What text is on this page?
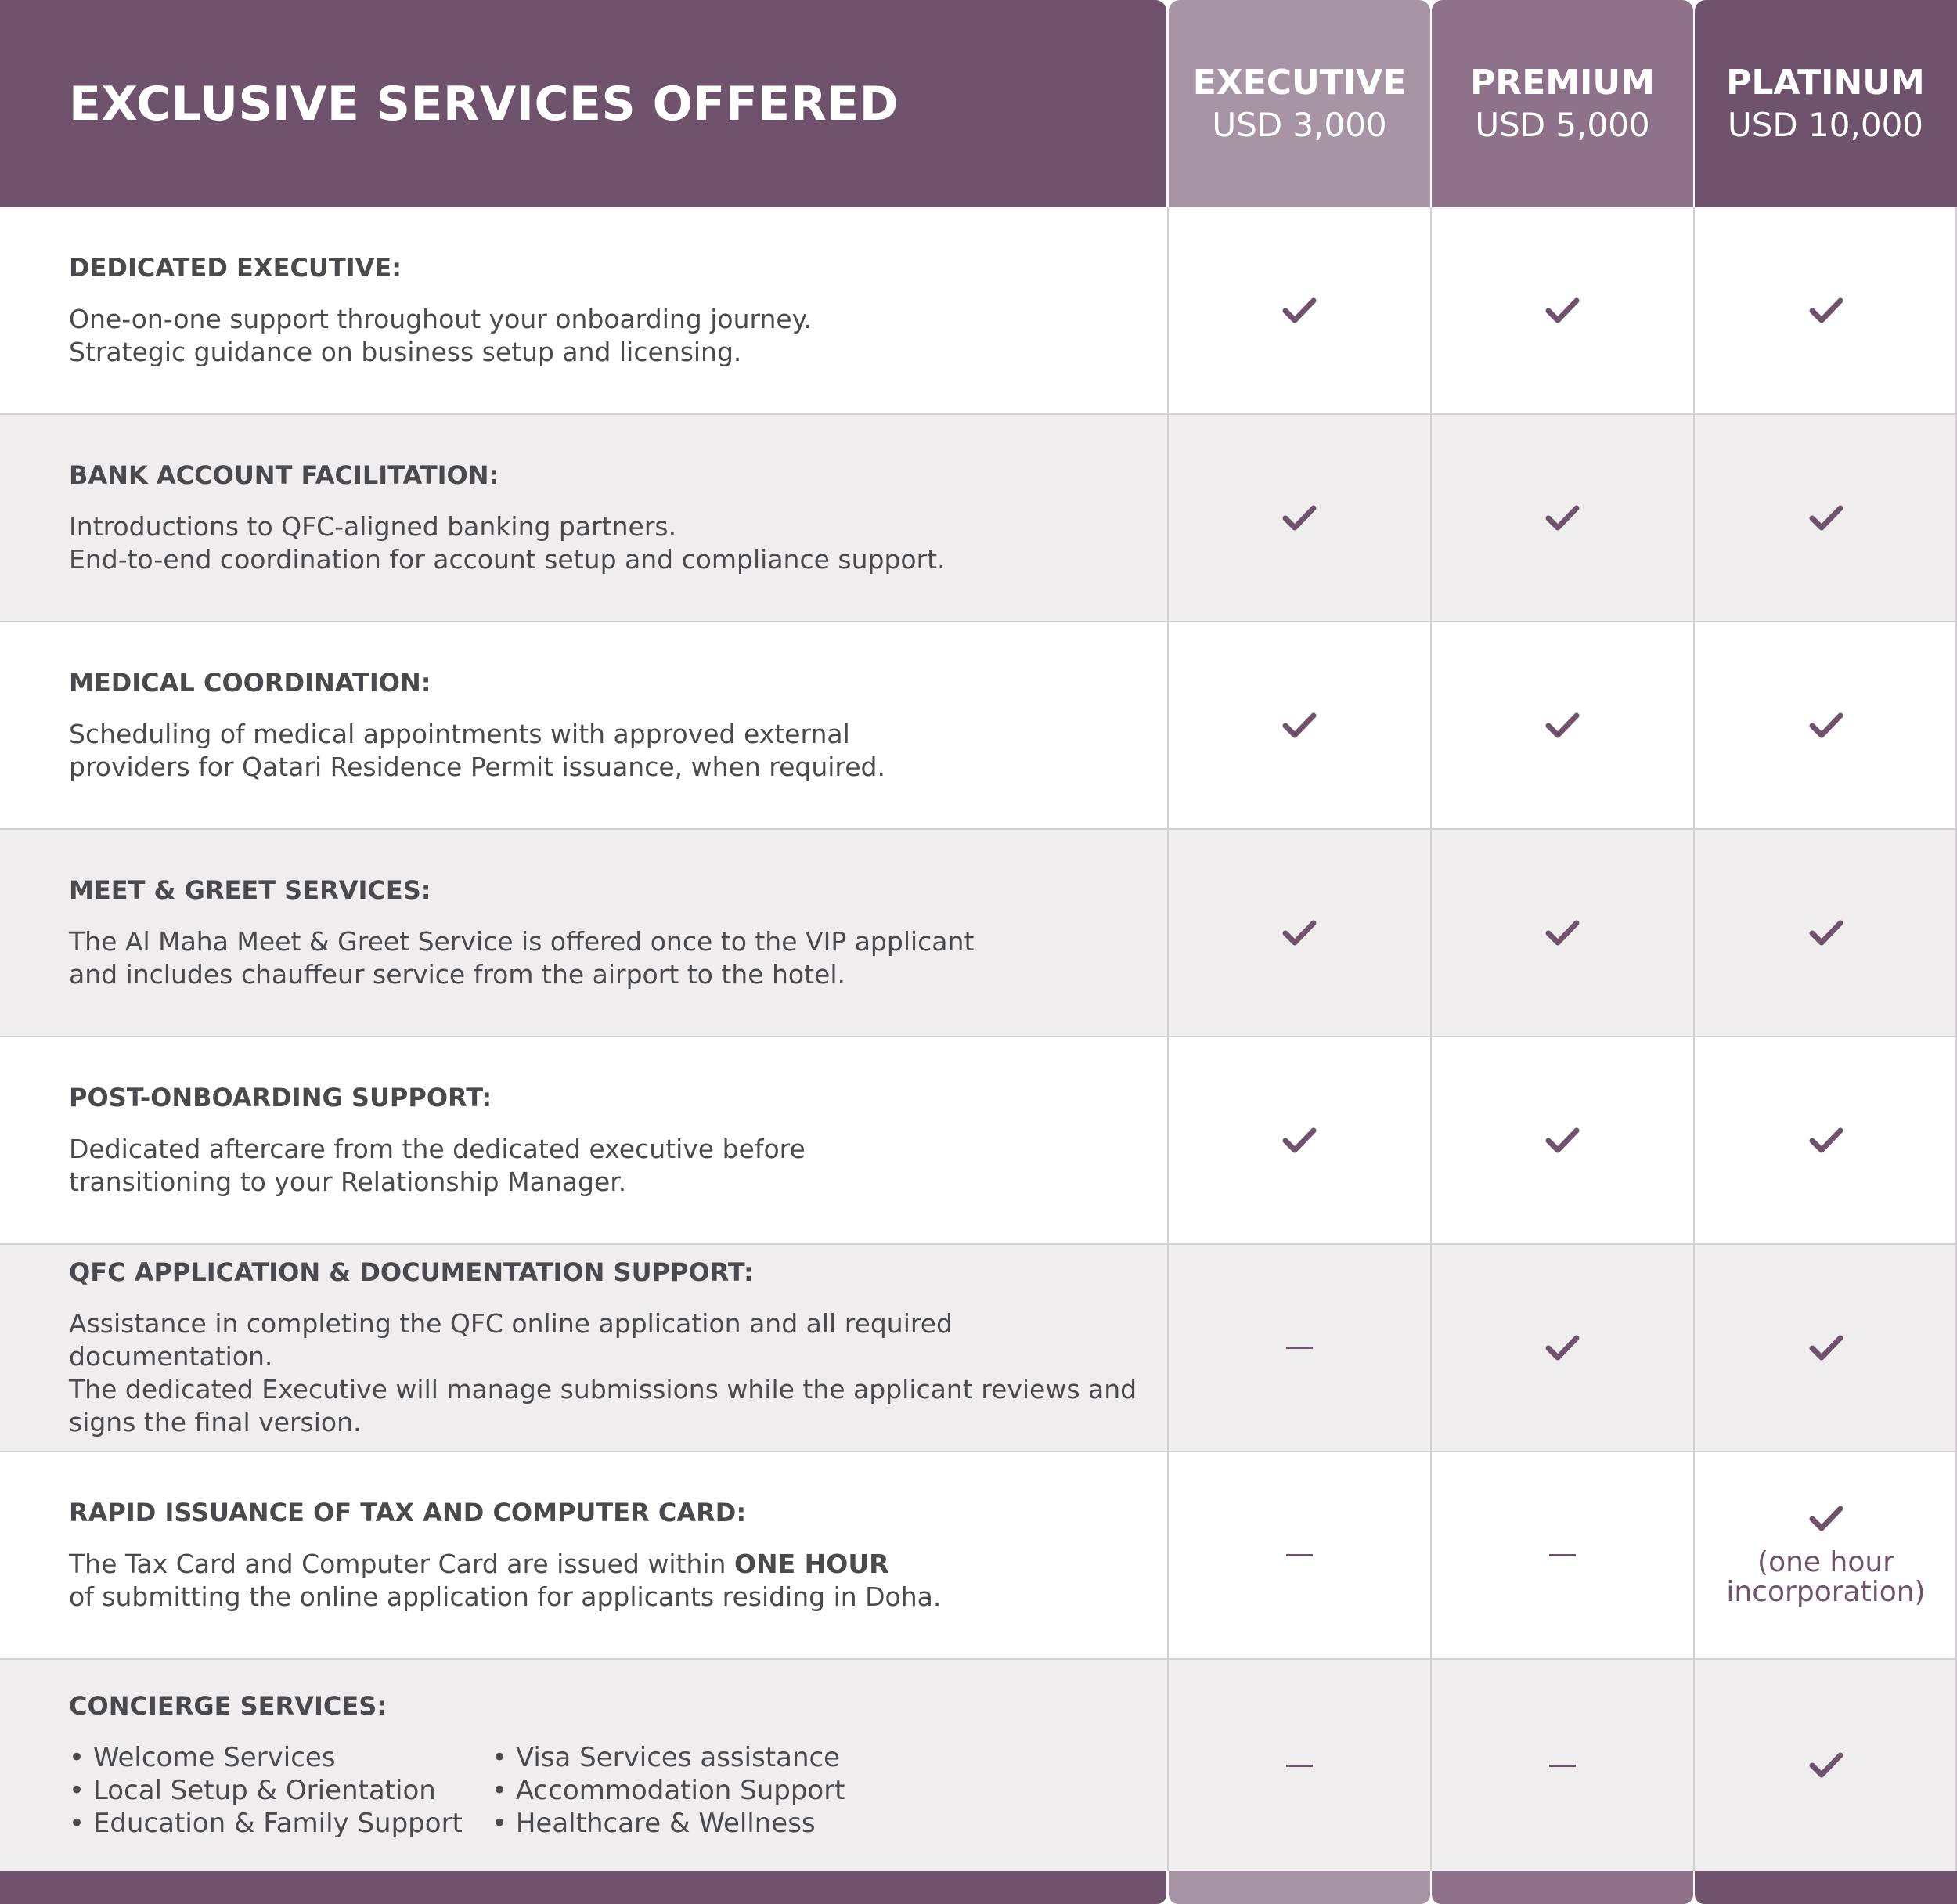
EXCLUSIVE SERVICES OFFERED	EXECUTIVE
USD 3,000
PREMIUM
USD 5,000
PLATINUM
USD 10,000
DEDICATED EXECUTIVE:
One-on-one support throughout your onboarding journey.
Strategic guidance on business setup and licensing.
BANK ACCOUNT FACILITATION:
Introductions to QFC-aligned banking partners.
End-to-end coordination for account setup and compliance support.
MEDICAL COORDINATION:
Scheduling of medical appointments with approved external
providers for Qatari Residence Permit issuance, when required.
MEET & GREET SERVICES:
The Al Maha Meet & Greet Service is offered once to the VIP applicant
and includes chauffeur service from the airport to the hotel.
POST-ONBOARDING SUPPORT:
Dedicated aftercare from the dedicated executive before
transitioning to your Relationship Manager.
QFC APPLICATION & DOCUMENTATION SUPPORT:
Assistance in completing the QFC online application and all required documentation.
The dedicated Executive will manage submissions while the applicant reviews and
signs the final version.
RAPID ISSUANCE OF TAX AND COMPUTER CARD:
The Tax Card and Computer Card are issued within ONE HOUR
of submitting the online application for applicants residing in Doha.
(one hour
incorporation)
CONCIERGE SERVICES:
• Welcome Services
• Local Setup & Orientation
• Education & Family Support
• Visa Services assistance
• Accommodation Support
• Healthcare & Wellness
